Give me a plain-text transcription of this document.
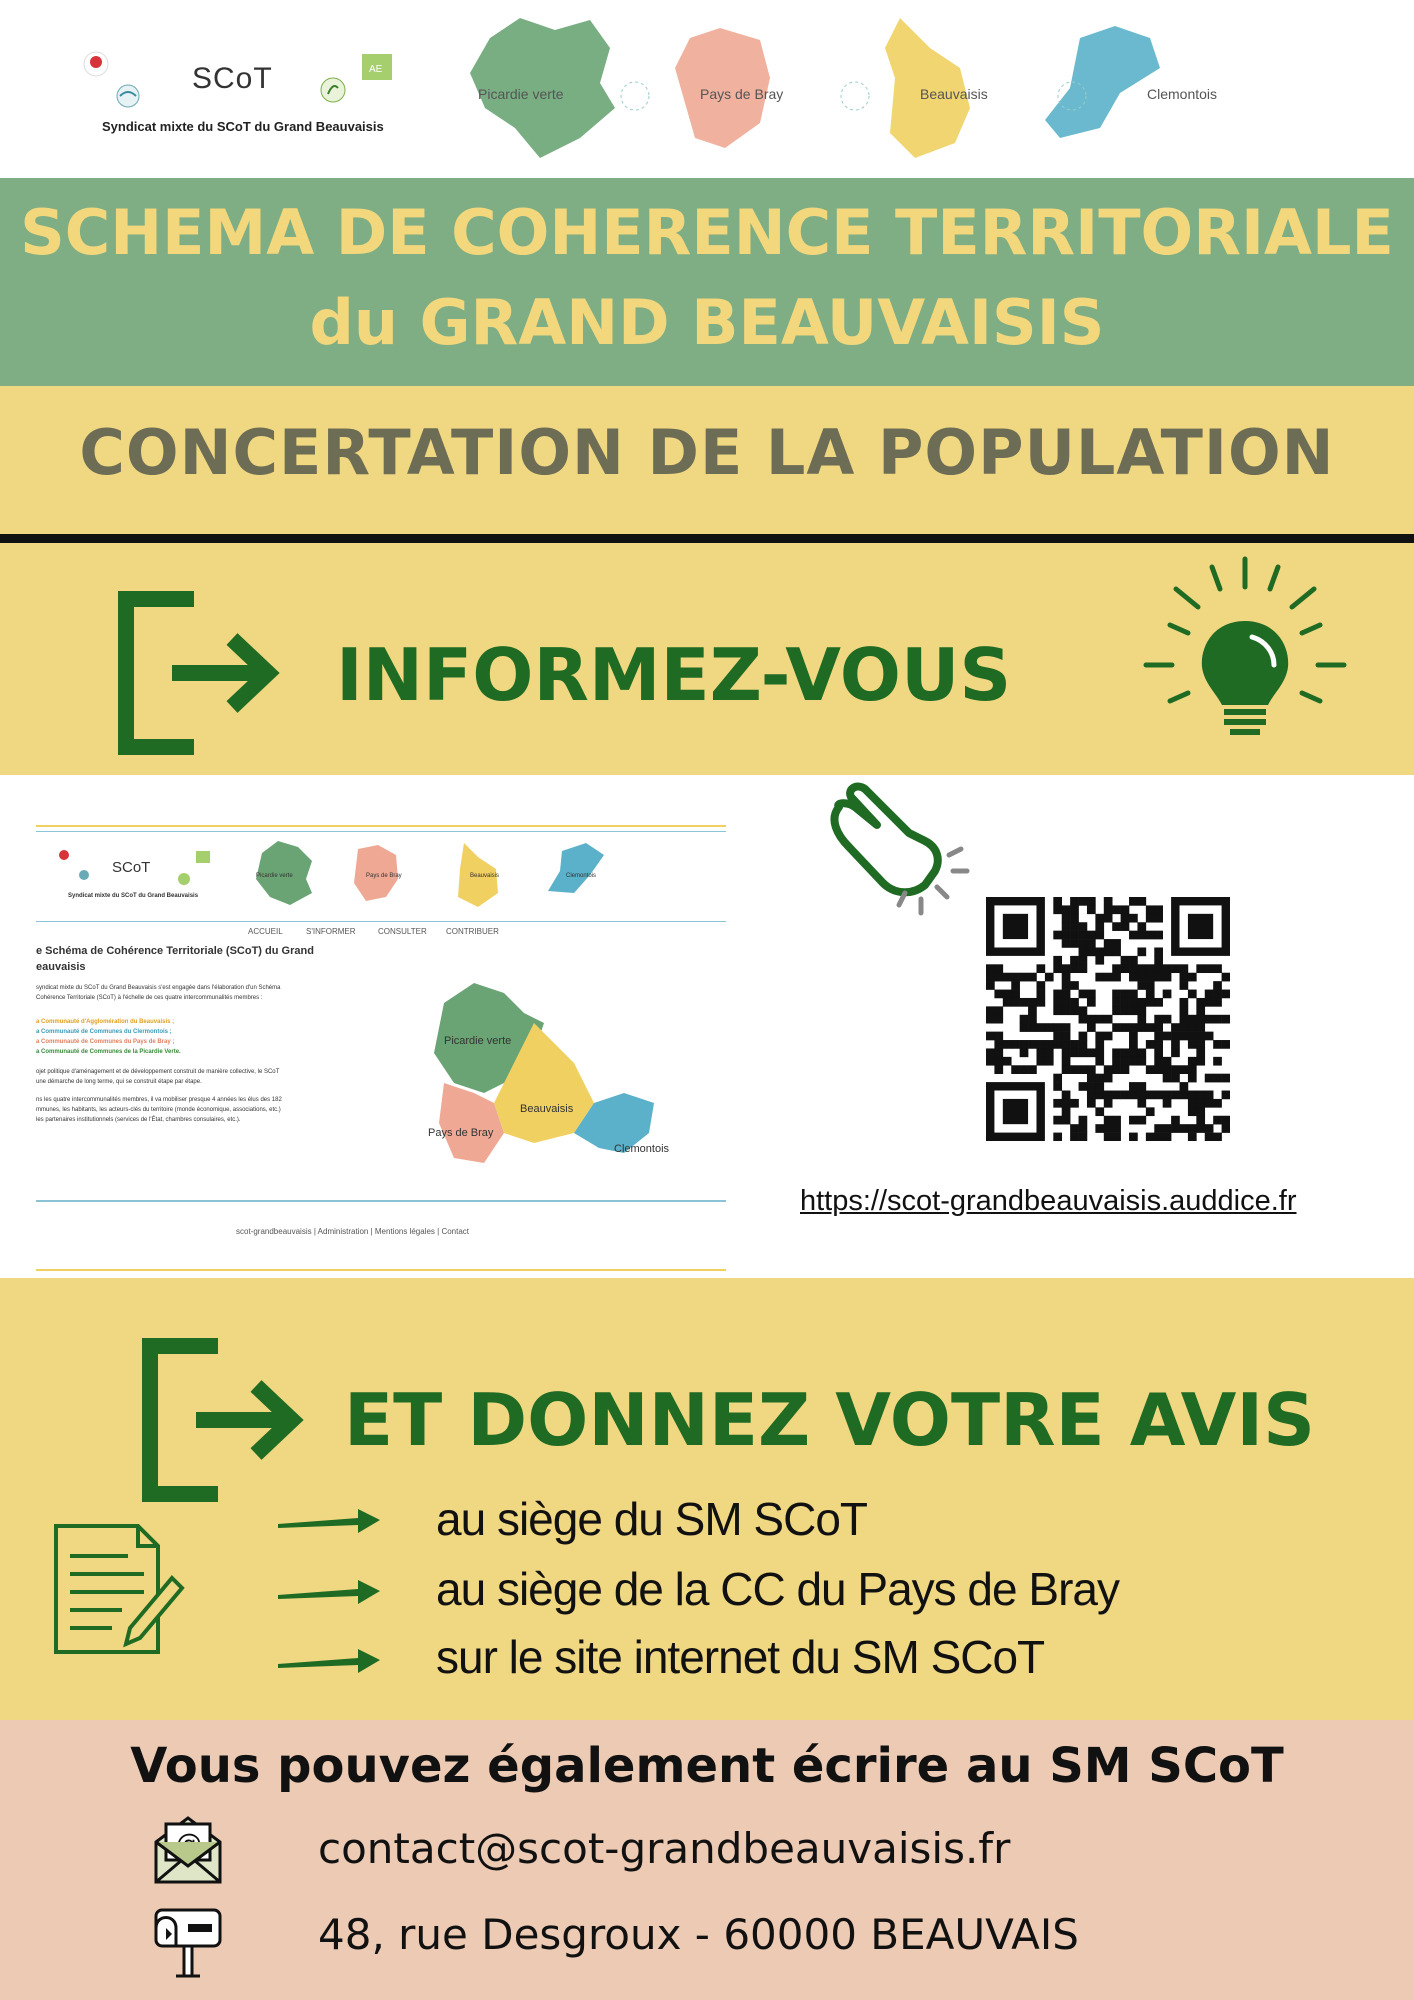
AE
SCoT
Syndicat mixte du SCoT du Grand Beauvaisis
Picardie verte	Pays de Bray	Beauvaisis	Clemontois
SCHEMA DE COHERENCE TERRITORIALE
du GRAND BEAUVAISIS
CONCERTATION DE LA POPULATION
INFORMEZ-VOUS
SCoT
Syndicat mixte du SCoT du Grand Beauvaisis
Picardie verte	Pays de Bray	Beauvaisis	Clemontois
ACCUEIL	S'INFORMER	CONSULTER CONTRIBUER
e Schéma de Cohérence Territoriale (SCoT) du Grand
eauvaisis
syndicat mixte du SCoT du Grand Beauvaisis s'est engagée dans l'élaboration d'un Schéma
Cohérence Territoriale (SCoT) à l'échelle de ces quatre intercommunalités membres :
a Communauté d'Agglomération du Beauvaisis ;
a Communauté de Communes du Clermontois ;
a Communauté de Communes du Pays de Bray ;
a Communauté de Communes de la Picardie Verte.
ojet politique d'aménagement et de développement construit de manière collective, le SCoT
une démarche de long terme, qui se construit étape par étape.
ns les quatre intercommunalités membres, il va mobiliser presque 4 années les élus des 182
mmunes, les habitants, les acteurs-clés du territoire (monde économique, associations, etc.)
les partenaires institutionnels (services de l'État, chambres consulaires, etc.).
Picardie verte
Beauvaisis
Pays de Bray
Clemontois
scot-grandbeauvaisis | Administration | Mentions légales | Contact
https://scot-grandbeauvaisis.auddice.fr
ET DONNEZ VOTRE AVIS
au siège du SM SCoT
au siège de la CC du Pays de Bray
sur le site internet du SM SCoT
Vous pouvez également écrire au SM SCoT
contact@scot-grandbeauvaisis.fr
48, rue Desgroux - 60000 BEAUVAIS
